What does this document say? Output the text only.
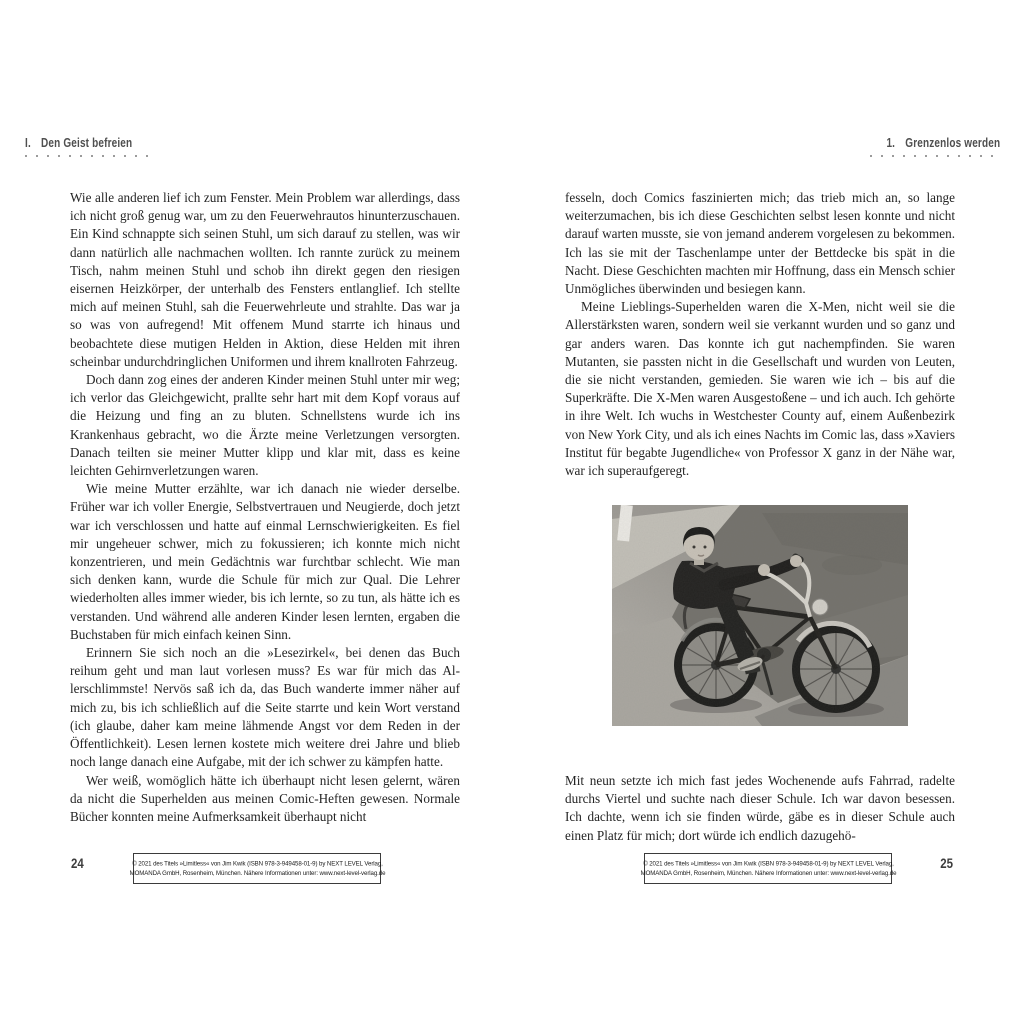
I. Den Geist befreien	1. Grenzenlos werden

Wie alle anderen lief ich zum Fenster. Mein Problem war allerdings, dass ich nicht groß genug war, um zu den Feuerwehrautos hinunterzuschauen. Ein Kind schnappte sich seinen Stuhl, um sich darauf zu stellen, was wir dann natürlich alle nachmachen wollten. Ich rannte zurück zu meinem Tisch, nahm meinen Stuhl und schob ihn direkt gegen den riesigen eisernen Heizkörper, der unterhalb des Fensters entlanglief. Ich stellte mich auf meinen Stuhl, sah die Feuerwehrleute und strahlte. Das war ja so was von aufregend! Mit offenem Mund starrte ich hinaus und beobachtete diese mutigen Helden in Aktion, diese Helden mit ihren scheinbar undurchdringlichen Uniformen und ihrem knallroten Fahrzeug.

Doch dann zog eines der anderen Kinder meinen Stuhl unter mir weg; ich verlor das Gleichgewicht, prallte sehr hart mit dem Kopf voraus auf die Heizung und fing an zu bluten. Schnellstens wurde ich ins Krankenhaus gebracht, wo die Ärzte meine Verletzungen versorgten. Danach teilten sie meiner Mutter klipp und klar mit, dass es keine leichten Gehirnverletzungen waren.

Wie meine Mutter erzählte, war ich danach nie wieder derselbe. Früher war ich voller Energie, Selbstvertrauen und Neugierde, doch jetzt war ich verschlossen und hatte auf einmal Lernschwierigkeiten. Es fiel mir ungeheuer schwer, mich zu fokussieren; ich konnte mich nicht konzentrieren, und mein Gedächtnis war furchtbar schlecht. Wie man sich denken kann, wurde die Schule für mich zur Qual. Die Lehrer wiederholten alles immer wieder, bis ich lernte, so zu tun, als hätte ich es verstanden. Und während alle anderen Kinder lesen lernten, ergaben die Buchstaben für mich einfach keinen Sinn.

Erinnern Sie sich noch an die »Lesezirkel«, bei denen das Buch reihum geht und man laut vorlesen muss? Es war für mich das Allerschlimmste! Nervös saß ich da, das Buch wanderte immer näher auf mich zu, bis ich schließlich auf die Seite starrte und kein Wort verstand (ich glaube, daher kam meine lähmende Angst vor dem Reden in der Öffentlichkeit). Lesen lernen kostete mich weitere drei Jahre und blieb noch lange danach eine Aufgabe, mit der ich schwer zu kämpfen hatte.

Wer weiß, womöglich hätte ich überhaupt nicht lesen gelernt, wären da nicht die Superhelden aus meinen Comic-Heften gewesen. Normale Bücher konnten meine Aufmerksamkeit überhaupt nicht

fesseln, doch Comics faszinierten mich; das trieb mich an, so lange weiterzumachen, bis ich diese Geschichten selbst lesen konnte und nicht darauf warten musste, sie von jemand anderem vorgelesen zu bekommen. Ich las sie mit der Taschenlampe unter der Bettdecke bis spät in die Nacht. Diese Geschichten machten mir Hoffnung, dass ein Mensch schier Unmögliches überwinden und besiegen kann.

Meine Lieblings-Superhelden waren die X-Men, nicht weil sie die Allerstärksten waren, sondern weil sie verkannt wurden und so ganz und gar anders waren. Das konnte ich gut nachempfinden. Sie waren Mutanten, sie passten nicht in die Gesellschaft und wurden von Leuten, die sie nicht verstanden, gemieden. Sie waren wie ich – bis auf die Superkräfte. Die X-Men waren Ausgestoßene – und ich auch. Ich gehörte in ihre Welt. Ich wuchs in Westchester County auf, einem Außenbezirk von New York City, und als ich eines Nachts im Comic las, dass »Xaviers Institut für begabte Jugendliche« von Professor X ganz in der Nähe war, war ich superaufgeregt.

Mit neun setzte ich mich fast jedes Wochenende aufs Fahrrad, radelte durchs Viertel und suchte nach dieser Schule. Ich war davon besessen. Ich dachte, wenn ich sie finden würde, gäbe es in dieser Schule auch einen Platz für mich; dort würde ich endlich dazugehö-

24	© 2021 des Titels »Limitless« von Jim Kwik (ISBN 978-3-949458-01-9) by NEXT LEVEL Verlag,
MOMANDA GmbH, Rosenheim, München. Nähere Informationen unter: www.next-level-verlag.de
© 2021 des Titels »Limitless« von Jim Kwik (ISBN 978-3-949458-01-9) by NEXT LEVEL Verlag,
MOMANDA GmbH, Rosenheim, München. Nähere Informationen unter: www.next-level-verlag.de
25
